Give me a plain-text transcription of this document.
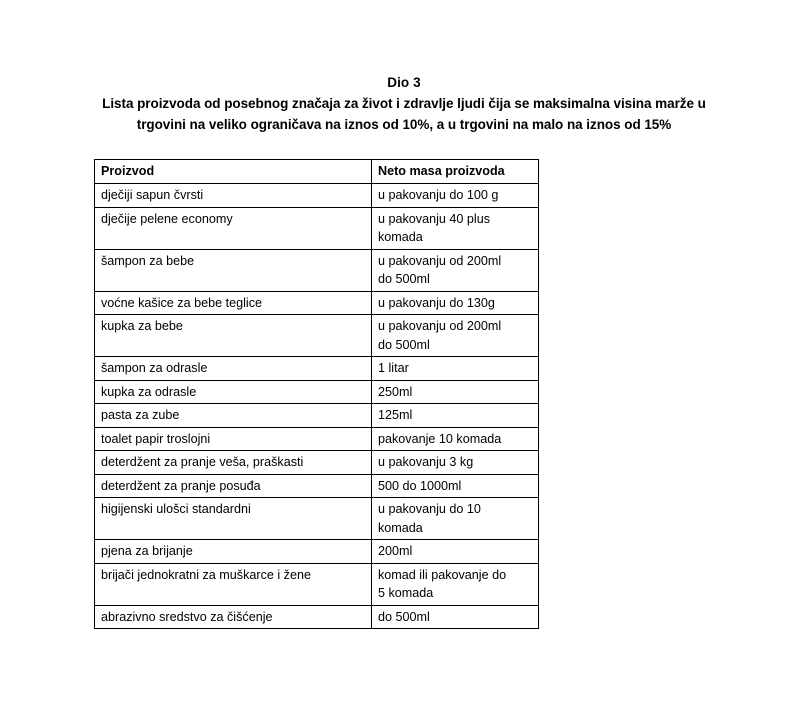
Dio 3
Lista proizvoda od posebnog značaja za život i zdravlje ljudi čija se maksimalna visina marže u
trgovini na veliko ograničava na iznos od 10%, a u trgovini na malo na iznos od 15%
Proizvod	Neto masa proizvoda
dječiji sapun čvrsti	u pakovanju do 100 g

dječije pelene economy	u pakovanju 40 plus
komada

šampon za bebe	u pakovanju od 200ml
do 500ml

voćne kašice za bebe teglice	u pakovanju do 130g

kupka za bebe	u pakovanju od 200ml
do 500ml

šampon za odrasle	1 litar

kupka za odrasle	250ml

pasta za zube	125ml

toalet papir troslojni	pakovanje 10 komada

deterdžent za pranje veša, praškasti	u pakovanju 3 kg

deterdžent za pranje posuđa	500 do 1000ml

higijenski ulošci standardni	u pakovanju do 10
komada

pjena za brijanje	200ml

brijači jednokratni za muškarce i žene	komad ili pakovanje do
5 komada

abrazivno sredstvo za čišćenje	do 500ml
